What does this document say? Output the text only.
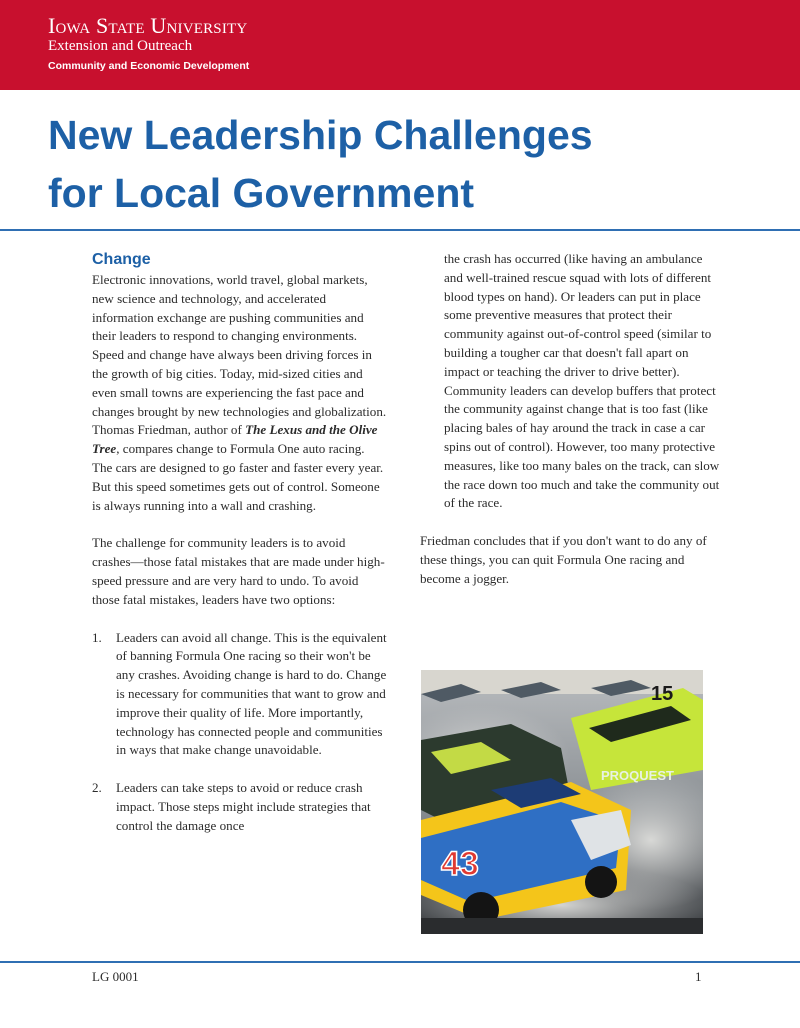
Iowa State University
Extension and Outreach
Community and Economic Development
New Leadership Challenges
for Local Government
Change

Electronic innovations, world travel, global markets, new science and technology, and accelerated information exchange are pushing communities and their leaders to respond to changing environments. Speed and change have always been driving forces in the growth of big cities. Today, mid-sized cities and even small towns are experiencing the fast pace and changes brought by new technologies and globalization. Thomas Friedman, author of The Lexus and the Olive Tree, compares change to Formula One auto racing. The cars are designed to go faster and faster every year. But this speed sometimes gets out of control. Someone is always running into a wall and crashing.

The challenge for community leaders is to avoid crashes—those fatal mistakes that are made under high-speed pressure and are very hard to undo. To avoid those fatal mistakes, leaders have two options:

1. Leaders can avoid all change. This is the equivalent of banning Formula One racing so their won't be any crashes. Avoiding change is hard to do. Change is necessary for communities that want to grow and improve their quality of life. More importantly, technology has connected people and communities in ways that make change unavoidable.
2. Leaders can take steps to avoid or reduce crash impact. Those steps might include strategies that control the damage once

the crash has occurred (like having an ambulance and well-trained rescue squad with lots of different blood types on hand). Or leaders can put in place some preventive measures that protect their community against out-of-control speed (similar to building a tougher car that doesn't fall apart on impact or teaching the driver to drive better). Community leaders can develop buffers that protect the community against change that is too fast (like placing bales of hay around the track in case a car spins out of control). However, too many protective measures, like too many bales on the track, can slow the race down too much and take the community out of the race.

Friedman concludes that if you don't want to do any of these things, you can quit Formula One racing and become a jogger.

15
PROQUEST
43
LG 0001	1
